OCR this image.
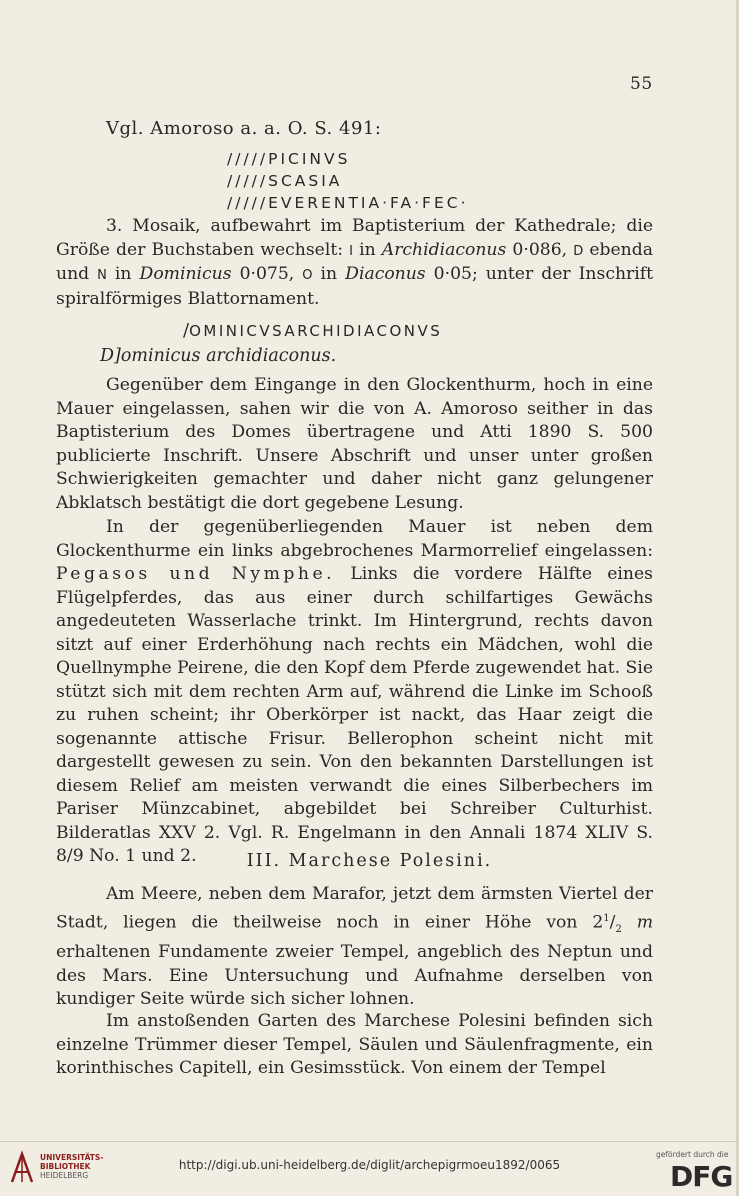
55
Vgl. Amoroso a. a. O. S. 491:
/////PICINVS
/////SCASIA
/////EVERENTIA·FA·FEC·

3. Mosaik, aufbewahrt im Baptisterium der Kathedrale; die Größe der Buchstaben wechselt: I in Archidiaconus 0·086, D ebenda und N in Dominicus 0·075, O in Diaconus 0·05; unter der Inschrift spiralförmiges Blattornament.

/OMINICVSARCHIDIACONVS
D]ominicus archidiaconus.

Gegenüber dem Eingange in den Glockenthurm, hoch in eine Mauer eingelassen, sahen wir die von A. Amoroso seither in das Baptisterium des Domes übertragene und Atti 1890 S. 500 publicierte Inschrift. Unsere Abschrift und unser unter großen Schwierigkeiten gemachter und daher nicht ganz gelungener Abklatsch bestätigt die dort gegebene Lesung.

In der gegenüberliegenden Mauer ist neben dem Glockenthurme ein links abgebrochenes Marmorrelief eingelassen: Pegasos und Nymphe. Links die vordere Hälfte eines Flügelpferdes, das aus einer durch schilfartiges Gewächs angedeuteten Wasserlache trinkt. Im Hintergrund, rechts davon sitzt auf einer Erderhöhung nach rechts ein Mädchen, wohl die Quellnymphe Peirene, die den Kopf dem Pferde zugewendet hat. Sie stützt sich mit dem rechten Arm auf, während die Linke im Schooß zu ruhen scheint; ihr Oberkörper ist nackt, das Haar zeigt die sogenannte attische Frisur. Bellerophon scheint nicht mit dargestellt gewesen zu sein. Von den bekannten Darstellungen ist diesem Relief am meisten verwandt die eines Silberbechers im Pariser Münzcabinet, abgebildet bei Schreiber Culturhist. Bilderatlas XXV 2. Vgl. R. Engelmann in den Annali 1874 XLIV S. 8/9 No. 1 und 2.	III. Marchese Polesini.

Am Meere, neben dem Marafor, jetzt dem ärmsten Viertel der Stadt, liegen die theilweise noch in einer Höhe von $2^1/_2$ m erhaltenen Fundamente zweier Tempel, angeblich des Neptun und des Mars. Eine Untersuchung und Aufnahme derselben von kundiger Seite würde sich sicher lohnen.

Im anstoßenden Garten des Marchese Polesini befinden sich einzelne Trümmer dieser Tempel, Säulen und Säulenfragmente, ein korinthisches Capitell, ein Gesimsstück. Von einem der Tempel

UNIVERSITÄTS-
BIBLIOTHEK
HEIDELBERG
http://digi.ub.uni-heidelberg.de/diglit/archepigrmoeu1892/0065
gefördert durch die
DFG
